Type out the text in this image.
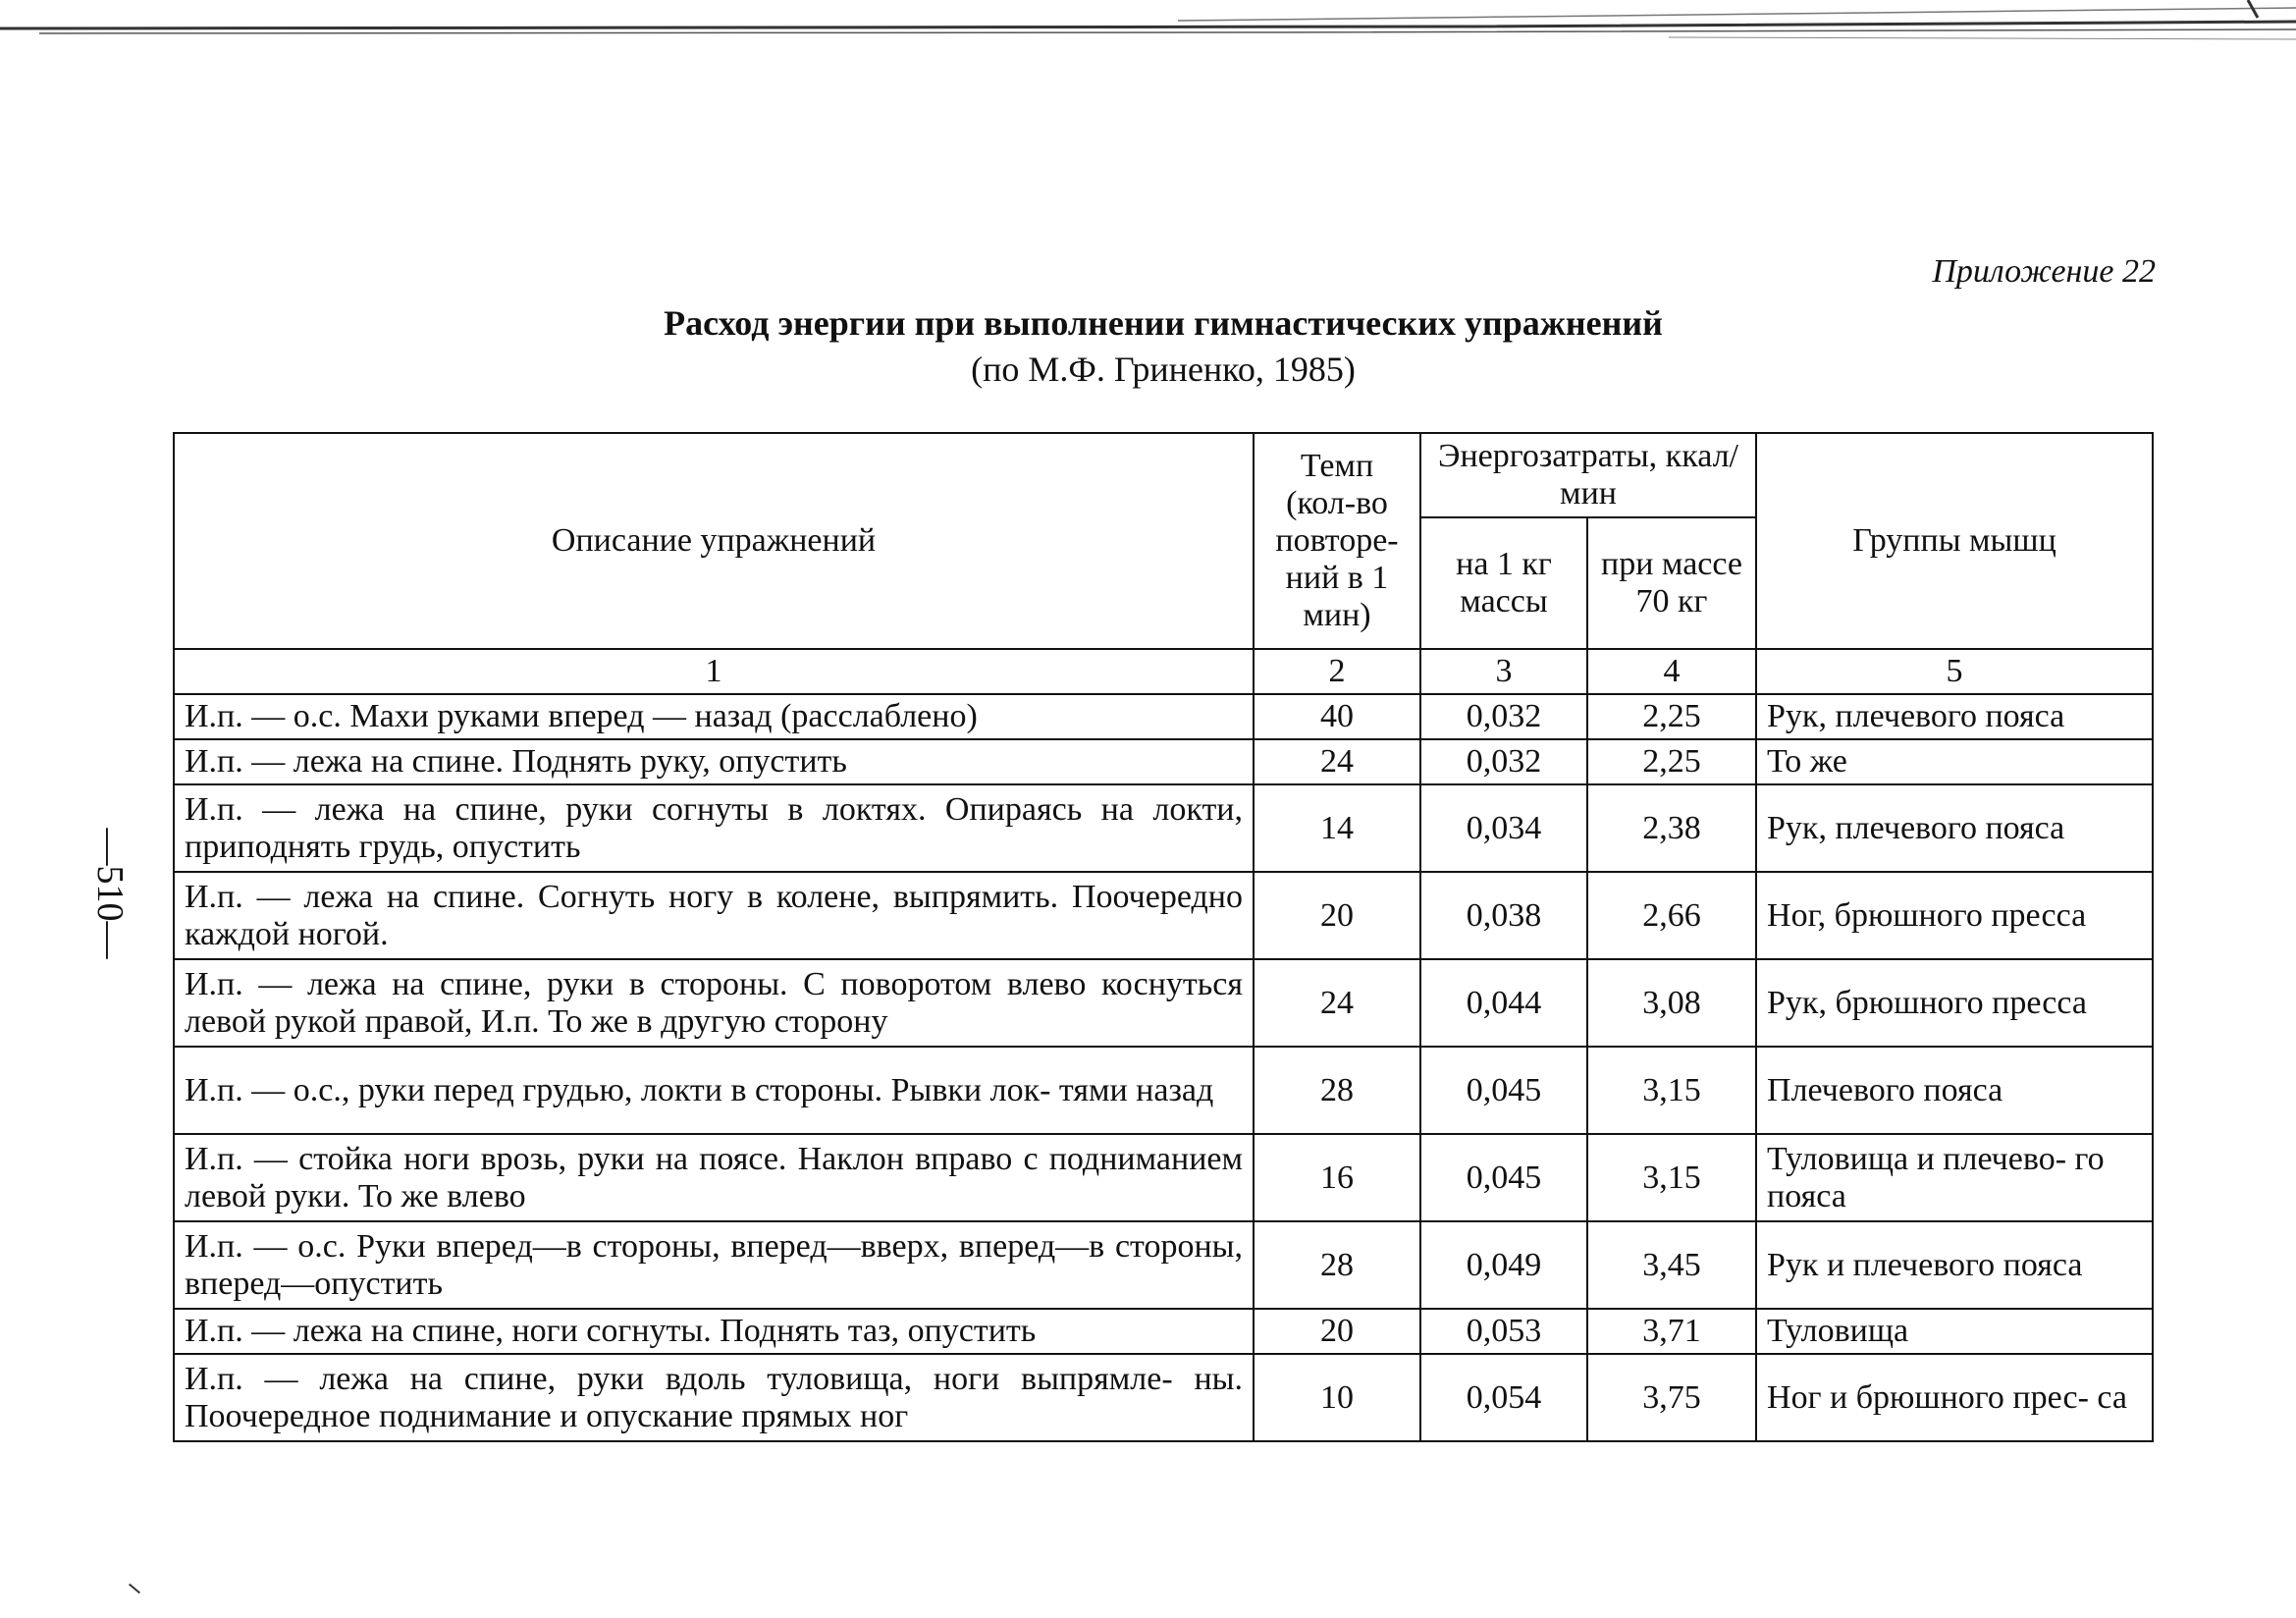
Приложение 22
Расход энергии при выполнении гимнастических упражнений
(по М.Ф. Гриненко, 1985)
—510—
Описание упражнений	Темп (кол-во повторе- ний в 1 мин)	Энергозатраты, ккал/мин		Группы мышц
		на 1 кг массы	при массе 70 кг	
1	2	3	4	5
И.п. — о.с. Махи руками вперед — назад (расслаблено)	40	0,032	2,25	Рук, плечевого пояса
И.п. — лежа на спине. Поднять руку, опустить	24	0,032	2,25	То же
И.п. — лежа на спине, руки согнуты в локтях. Опираясь на локти, приподнять грудь, опустить	14	0,034	2,38	Рук, плечевого пояса
И.п. — лежа на спине. Согнуть ногу в колене, выпрямить. Поочередно каждой ногой.	20	0,038	2,66	Ног, брюшного пресса
И.п. — лежа на спине, руки в стороны. С поворотом влево коснуться левой рукой правой, И.п. То же в другую сторону	24	0,044	3,08	Рук, брюшного пресса
И.п. — о.с., руки перед грудью, локти в стороны. Рывки лок- тями назад	28	0,045	3,15	Плечевого пояса
И.п. — стойка ноги врозь, руки на поясе. Наклон вправо с подниманием левой руки. То же влево	16	0,045	3,15	Туловища и плечево- го пояса
И.п. — о.с. Руки вперед—в стороны, вперед—вверх, вперед—в стороны, вперед—опустить	28	0,049	3,45	Рук и плечевого пояса
И.п. — лежа на спине, ноги согнуты. Поднять таз, опустить	20	0,053	3,71	Туловища
И.п. — лежа на спине, руки вдоль туловища, ноги выпрямле- ны. Поочередное поднимание и опускание прямых ног	10	0,054	3,75	Ног и брюшного прес- са
